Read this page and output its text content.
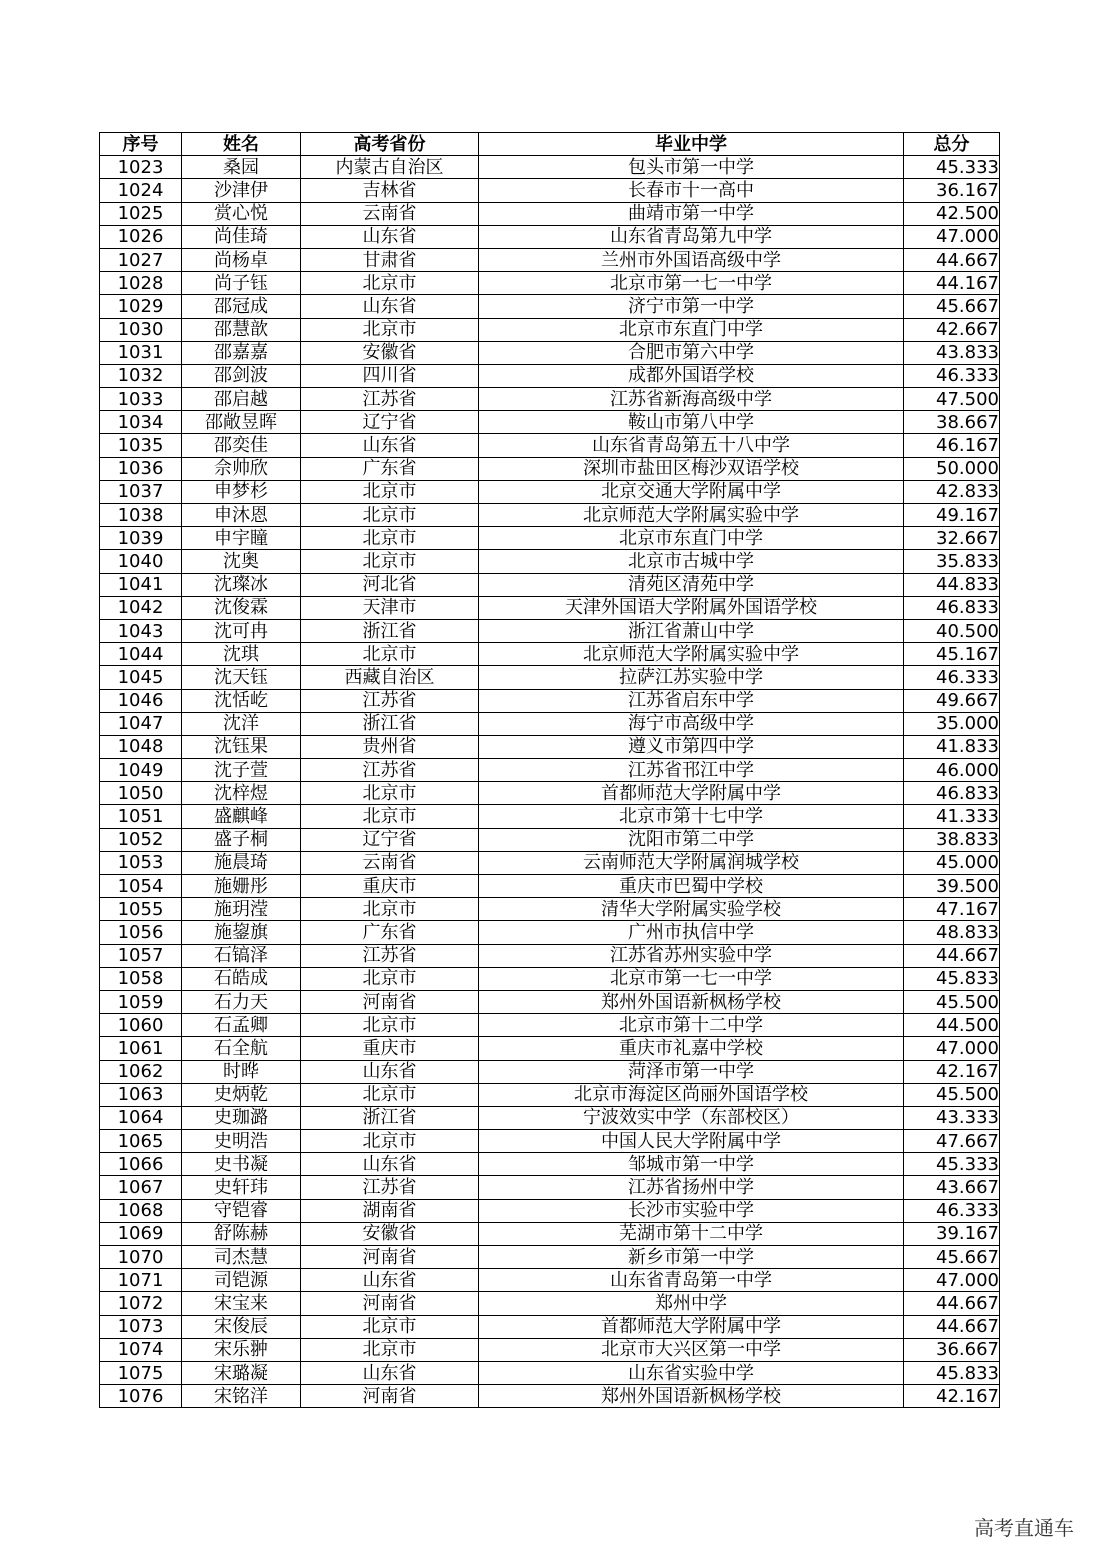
序号	姓名	高考省份	毕业中学	总分
1023	桑园	内蒙古自治区	包头市第一中学	45.333
1024	沙津伊	吉林省	长春市十一高中	36.167
1025	赏心悦	云南省	曲靖市第一中学	42.500
1026	尚佳琦	山东省	山东省青岛第九中学	47.000
1027	尚杨卓	甘肃省	兰州市外国语高级中学	44.667
1028	尚子钰	北京市	北京市第一七一中学	44.167
1029	邵冠成	山东省	济宁市第一中学	45.667
1030	邵慧歆	北京市	北京市东直门中学	42.667
1031	邵嘉嘉	安徽省	合肥市第六中学	43.833
1032	邵剑波	四川省	成都外国语学校	46.333
1033	邵启越	江苏省	江苏省新海高级中学	47.500
1034	邵敞昱晖	辽宁省	鞍山市第八中学	38.667
1035	邵奕佳	山东省	山东省青岛第五十八中学	46.167
1036	佘帅欣	广东省	深圳市盐田区梅沙双语学校	50.000
1037	申梦杉	北京市	北京交通大学附属中学	42.833
1038	申沐恩	北京市	北京师范大学附属实验中学	49.167
1039	申宇瞳	北京市	北京市东直门中学	32.667
1040	沈奥	北京市	北京市古城中学	35.833
1041	沈璨冰	河北省	清苑区清苑中学	44.833
1042	沈俊霖	天津市	天津外国语大学附属外国语学校	46.833
1043	沈可冉	浙江省	浙江省萧山中学	40.500
1044	沈琪	北京市	北京师范大学附属实验中学	45.167
1045	沈天钰	西藏自治区	拉萨江苏实验中学	46.333
1046	沈恬屹	江苏省	江苏省启东中学	49.667
1047	沈洋	浙江省	海宁市高级中学	35.000
1048	沈钰果	贵州省	遵义市第四中学	41.833
1049	沈子萱	江苏省	江苏省邗江中学	46.000
1050	沈梓煜	北京市	首都师范大学附属中学	46.833
1051	盛麒峰	北京市	北京市第十七中学	41.333
1052	盛子桐	辽宁省	沈阳市第二中学	38.833
1053	施晨琦	云南省	云南师范大学附属润城学校	45.000
1054	施姗彤	重庆市	重庆市巴蜀中学校	39.500
1055	施玥滢	北京市	清华大学附属实验学校	47.167
1056	施鋆旗	广东省	广州市执信中学	48.833
1057	石镐泽	江苏省	江苏省苏州实验中学	44.667
1058	石皓成	北京市	北京市第一七一中学	45.833
1059	石力天	河南省	郑州外国语新枫杨学校	45.500
1060	石孟卿	北京市	北京市第十二中学	44.500
1061	石全航	重庆市	重庆市礼嘉中学校	47.000
1062	时晔	山东省	菏泽市第一中学	42.167
1063	史炳乾	北京市	北京市海淀区尚丽外国语学校	45.500
1064	史珈潞	浙江省	宁波效实中学（东部校区）	43.333
1065	史明浩	北京市	中国人民大学附属中学	47.667
1066	史书凝	山东省	邹城市第一中学	45.333
1067	史轩玮	江苏省	江苏省扬州中学	43.667
1068	守铠睿	湖南省	长沙市实验中学	46.333
1069	舒陈赫	安徽省	芜湖市第十二中学	39.167
1070	司杰慧	河南省	新乡市第一中学	45.667
1071	司铠源	山东省	山东省青岛第一中学	47.000
1072	宋宝来	河南省	郑州中学	44.667
1073	宋俊辰	北京市	首都师范大学附属中学	44.667
1074	宋乐翀	北京市	北京市大兴区第一中学	36.667
1075	宋璐凝	山东省	山东省实验中学	45.833
1076	宋铭洋	河南省	郑州外国语新枫杨学校	42.167
高考直通车
